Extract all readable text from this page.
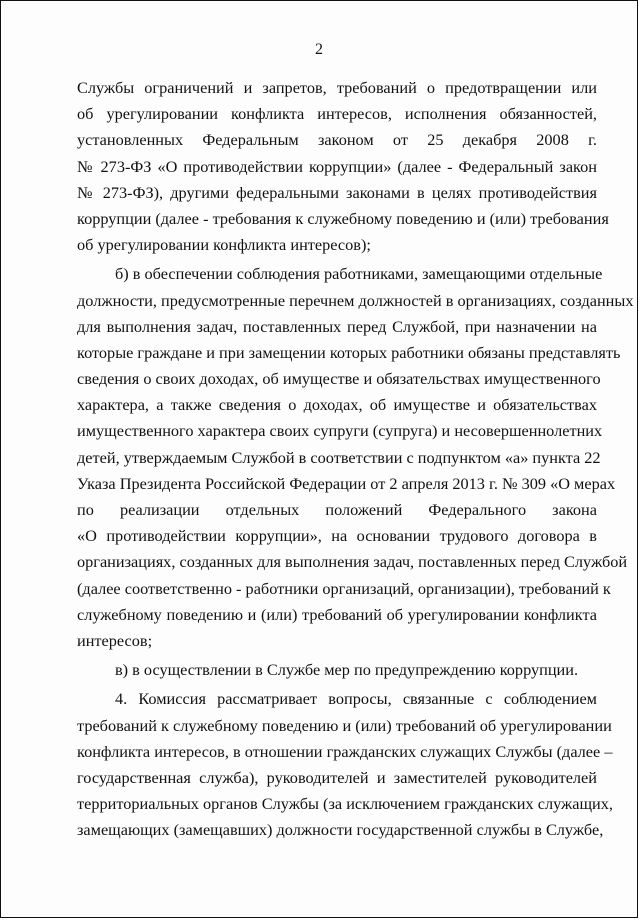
2
Службы ограничений и запретов, требований о предотвращении или
об урегулировании конфликта интересов, исполнения обязанностей,
установленных Федеральным законом от 25 декабря 2008 г.
№ 273-ФЗ «О противодействии коррупции» (далее - Федеральный закон
№ 273-ФЗ), другими федеральными законами в целях противодействия
коррупции (далее - требования к служебному поведению и (или) требования
об урегулировании конфликта интересов);
б) в обеспечении соблюдения работниками, замещающими отдельные
должности, предусмотренные перечнем должностей в организациях, созданных
для выполнения задач, поставленных перед Службой, при назначении на
которые граждане и при замещении которых работники обязаны представлять
сведения о своих доходах, об имуществе и обязательствах имущественного
характера, а также сведения о доходах, об имуществе и обязательствах
имущественного характера своих супруги (супруга) и несовершеннолетних
детей, утверждаемым Службой в соответствии с подпунктом «а» пункта 22
Указа Президента Российской Федерации от 2 апреля 2013 г. № 309 «О мерах
по реализации отдельных положений Федерального закона
«О противодействии коррупции», на основании трудового договора в
организациях, созданных для выполнения задач, поставленных перед Службой
(далее соответственно - работники организаций, организации), требований к
служебному поведению и (или) требований об урегулировании конфликта
интересов;
в) в осуществлении в Службе мер по предупреждению коррупции.
4. Комиссия рассматривает вопросы, связанные с соблюдением
требований к служебному поведению и (или) требований об урегулировании
конфликта интересов, в отношении гражданских служащих Службы (далее –
государственная служба), руководителей и заместителей руководителей
территориальных органов Службы (за исключением гражданских служащих,
замещающих (замещавших) должности государственной службы в Службе,
